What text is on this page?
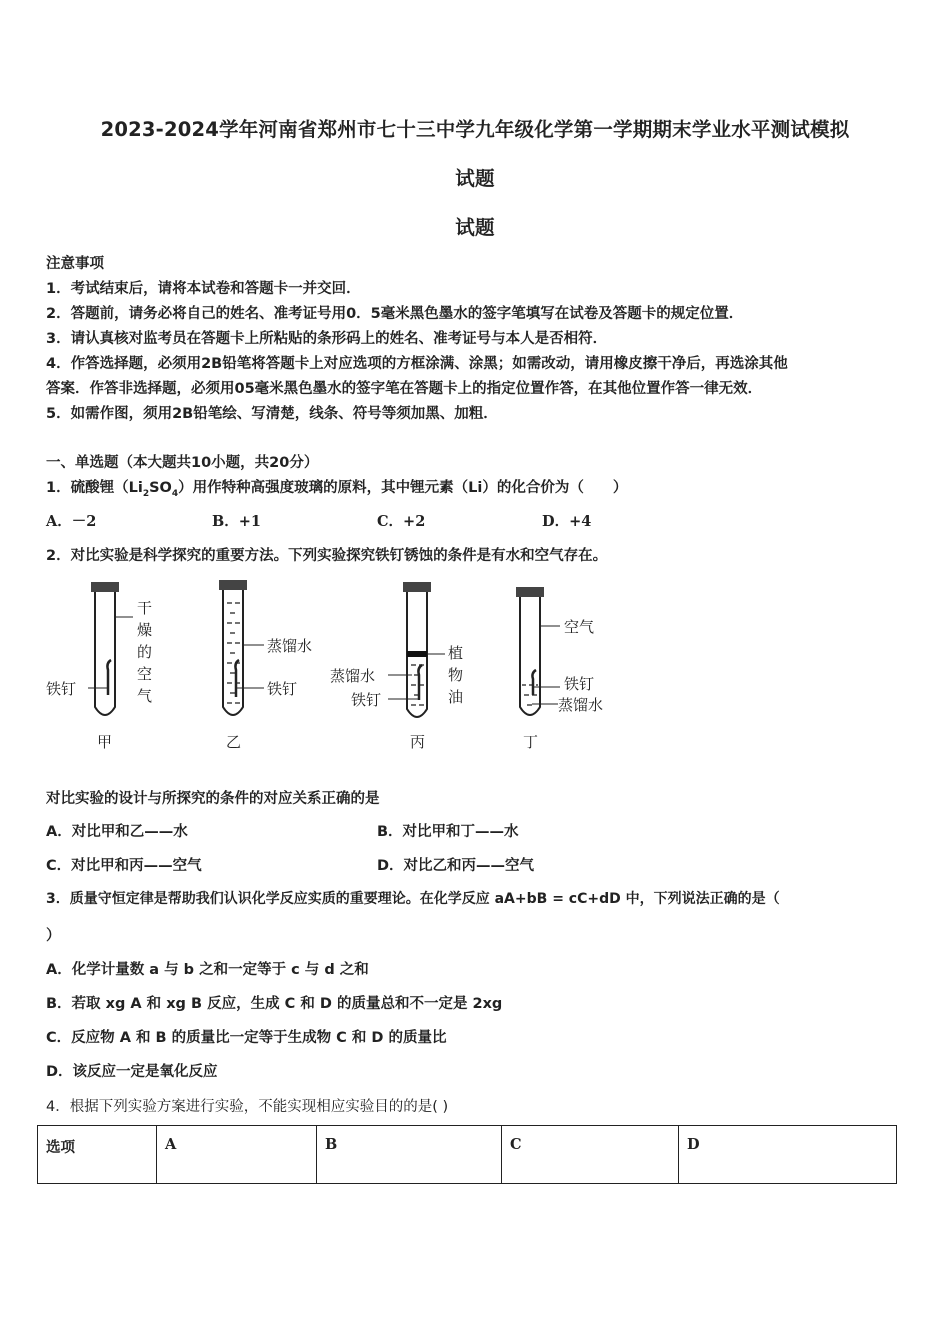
2023-2024学年河南省郑州市七十三中学九年级化学第一学期期末学业水平测试模拟
试题
试题
注意事项
1．考试结束后，请将本试卷和答题卡一并交回．
2．答题前，请务必将自己的姓名、准考证号用0．5毫米黑色墨水的签字笔填写在试卷及答题卡的规定位置．
3．请认真核对监考员在答题卡上所粘贴的条形码上的姓名、准考证号与本人是否相符．
4．作答选择题，必须用2B铅笔将答题卡上对应选项的方框涂满、涂黑；如需改动，请用橡皮擦干净后，再选涂其他
答案．作答非选择题，必须用05毫米黑色墨水的签字笔在答题卡上的指定位置作答，在其他位置作答一律无效．
5．如需作图，须用2B铅笔绘、写清楚，线条、符号等须加黑、加粗．
一、单选题（本大题共10小题，共20分）
1．硫酸锂$(Li_2SO_4)$用作特种高强度玻璃的原料，其中锂元素（Li）的化合价为（　　）
A．－2	B．+1	C．+2	D．+4
2．对比实验是科学探究的重要方法。下列实验探究铁钉锈蚀的条件是有水和空气存在。
铁钉
干
燥
的
空
气
甲
蒸馏水
铁钉
乙
蒸馏水
铁钉
植
物
油
丙
空气
铁钉
蒸馏水
丁
对比实验的设计与所探究的条件的对应关系正确的是
A．对比甲和乙——水	B．对比甲和丁——水
C．对比甲和丙——空气	D．对比乙和丙——空气
3．质量守恒定律是帮助我们认识化学反应实质的重要理论。在化学反应 aA+bB = cC+dD 中，下列说法正确的是（
）
A．化学计量数 a 与 b 之和一定等于 c 与 d 之和
B．若取 xg A 和 xg B 反应，生成 C 和 D 的质量总和不一定是 2xg
C．反应物 A 和 B 的质量比一定等于生成物 C 和 D 的质量比
D．该反应一定是氧化反应
4．根据下列实验方案进行实验，不能实现相应实验目的的是( )
选项	A	B	C	D
